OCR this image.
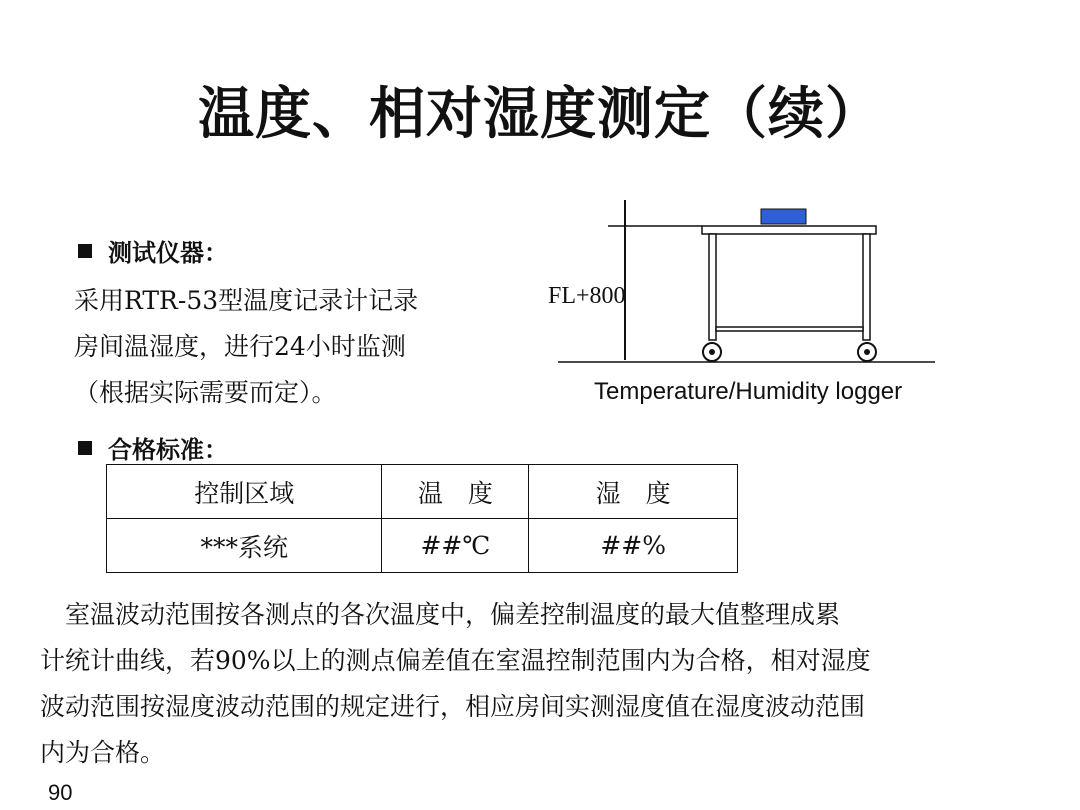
温度、相对湿度测定（续）
测试仪器：
采用RTR-53型温度记录计记录
房间温湿度，进行24小时监测
（根据实际需要而定）。
FL+800
Temperature/Humidity logger
合格标准：
控制区域	温　度	湿　度
***系统	##℃	##%
　室温波动范围按各测点的各次温度中，偏差控制温度的最大值整理成累
计统计曲线，若90%以上的测点偏差值在室温控制范围内为合格，相对湿度
波动范围按湿度波动范围的规定进行，相应房间实测湿度值在湿度波动范围
内为合格。
90
